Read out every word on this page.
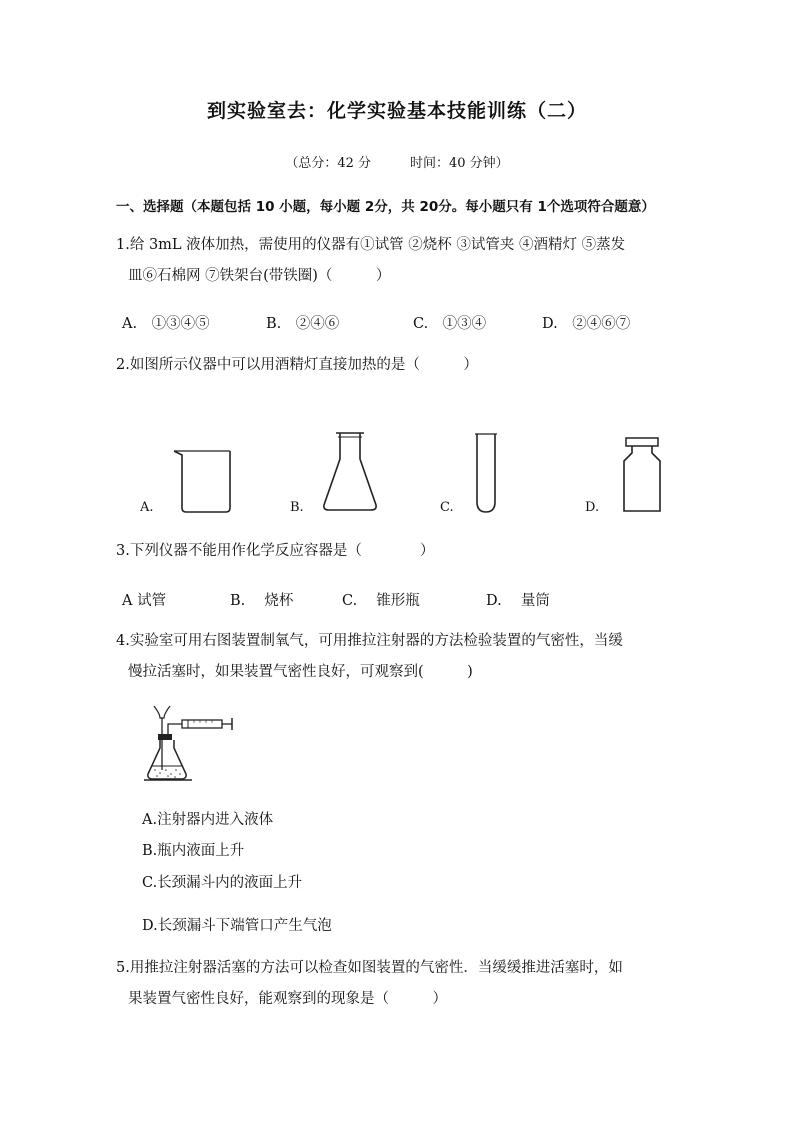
到实验室去：化学实验基本技能训练（二）
（总分：42 分　　　时间：40 分钟）
一、选择题（本题包括 10 小题，每小题 2分，共 20分。每小题只有 1个选项符合题意）
1.给 3mL 液体加热，需使用的仪器有①试管 ②烧杯 ③试管夹 ④酒精灯 ⑤蒸发
皿⑥石棉网 ⑦铁架台(带铁圈)（　　　）
A.　①③④⑤	B.　②④⑥	C.　①③④	D.　②④⑥⑦
2.如图所示仪器中可以用酒精灯直接加热的是（　　　）
A.	B.	C.	D.
3.下列仪器不能用作化学反应容器是（　　　　）
A 试管	B.　 烧杯	C.　 锥形瓶	D.　 量筒
4.实验室可用右图装置制氧气，可用推拉注射器的方法检验装置的气密性，当缓
慢拉活塞时，如果装置气密性良好，可观察到(　　　)
A.注射器内进入液体
B.瓶内液面上升
C.长颈漏斗内的液面上升
D.长颈漏斗下端管口产生气泡
5.用推拉注射器活塞的方法可以检查如图装置的气密性．当缓缓推进活塞时，如
果装置气密性良好，能观察到的现象是（　　　）
